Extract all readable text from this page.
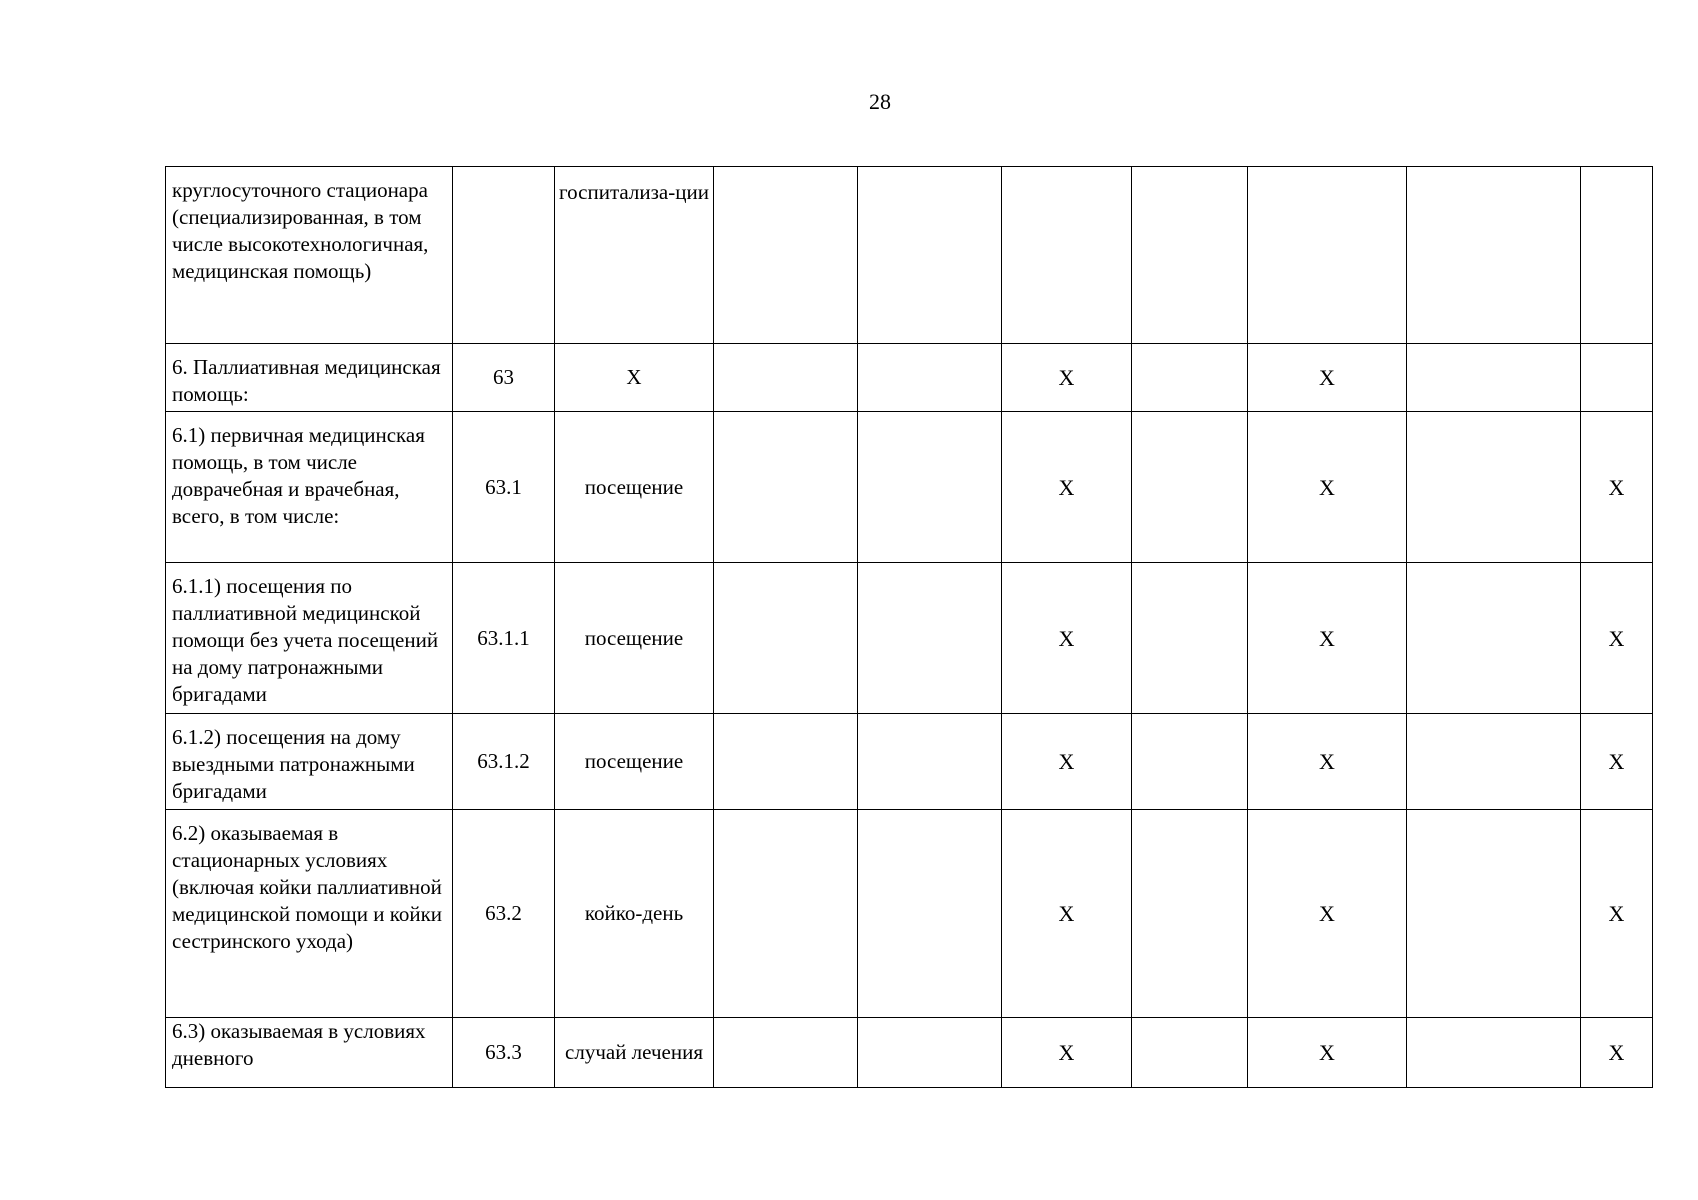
28
круглосуточного стационара (специализированная, в том числе высокотехнологичная, медицинская помощь)		госпитализа-ции							
6. Паллиативная медицинская помощь:	63	X			X		X		
6.1) первичная медицинская помощь, в том числе доврачебная и врачебная, всего, в том числе:	63.1	посещение			X		X		X
6.1.1) посещения по паллиативной медицинской помощи без учета посещений на дому патронажными бригадами	63.1.1	посещение			X		X		X
6.1.2) посещения на дому выездными патронажными бригадами	63.1.2	посещение			X		X		X
6.2) оказываемая в стационарных условиях (включая койки паллиативной медицинской помощи и койки сестринского ухода)	63.2	койко-день			X		X		X
6.3) оказываемая в условиях дневного	63.3	случай лечения			X		X		X
